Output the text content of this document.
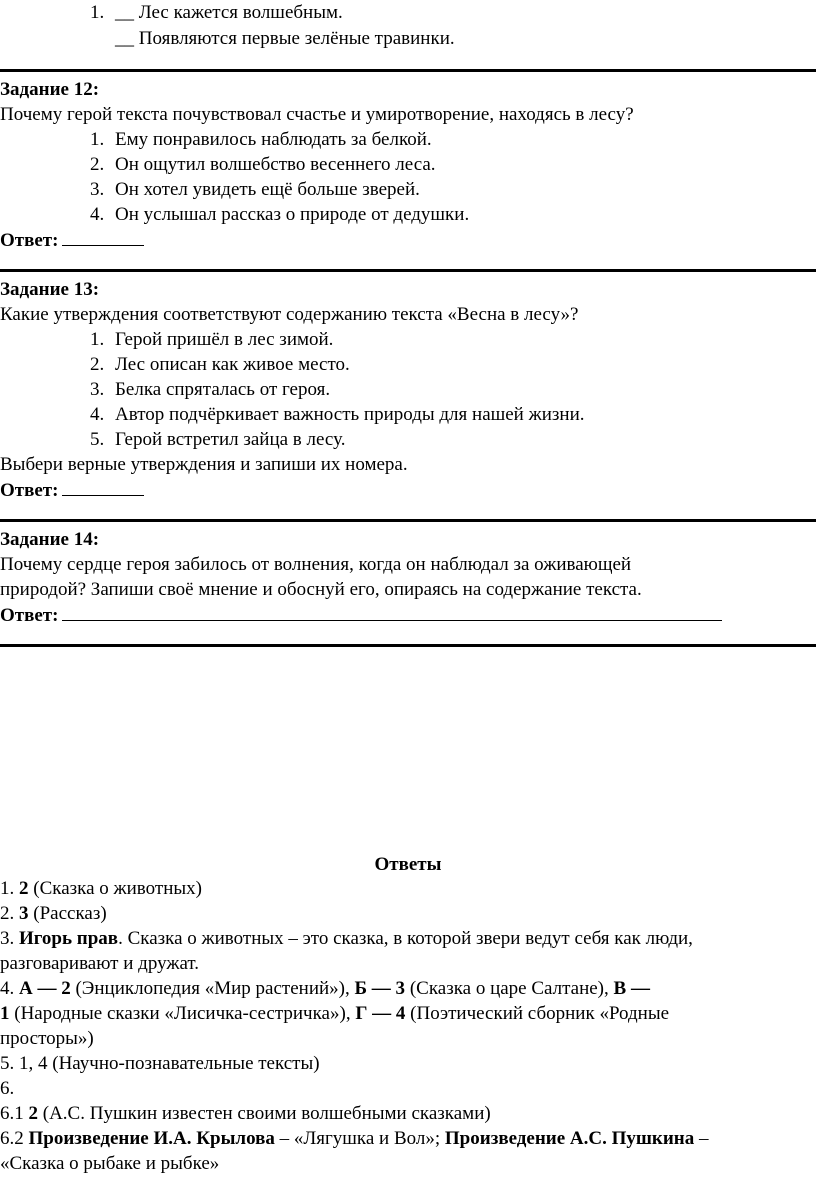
1. __ Лес кажется волшебным.
__ Появляются первые зелёные травинки.
Задание 12:
Почему герой текста почувствовал счастье и умиротворение, находясь в лесу?
1. Ему понравилось наблюдать за белкой.
2. Он ощутил волшебство весеннего леса.
3. Он хотел увидеть ещё больше зверей.
4. Он услышал рассказ о природе от дедушки.
Ответ:
Задание 13:
Какие утверждения соответствуют содержанию текста «Весна в лесу»?
1. Герой пришёл в лес зимой.
2. Лес описан как живое место.
3. Белка спряталась от героя.
4. Автор подчёркивает важность природы для нашей жизни.
5. Герой встретил зайца в лесу.
Выбери верные утверждения и запиши их номера.
Ответ:
Задание 14:
Почему сердце героя забилось от волнения, когда он наблюдал за оживающей
природой? Запиши своё мнение и обоснуй его, опираясь на содержание текста.
Ответ:
Ответы
1. 2 (Сказка о животных)
2. 3 (Рассказ)
3. Игорь прав. Сказка о животных – это сказка, в которой звери ведут себя как люди,
разговаривают и дружат.
4. А — 2 (Энциклопедия «Мир растений»), Б — 3 (Сказка о царе Салтане), В —
1 (Народные сказки «Лисичка-сестричка»), Г — 4 (Поэтический сборник «Родные
просторы»)
5. 1, 4 (Научно-познавательные тексты)
6.
6.1 2 (А.С. Пушкин известен своими волшебными сказками)
6.2 Произведение И.А. Крылова – «Лягушка и Вол»; Произведение А.С. Пушкина –
«Сказка о рыбаке и рыбке»
